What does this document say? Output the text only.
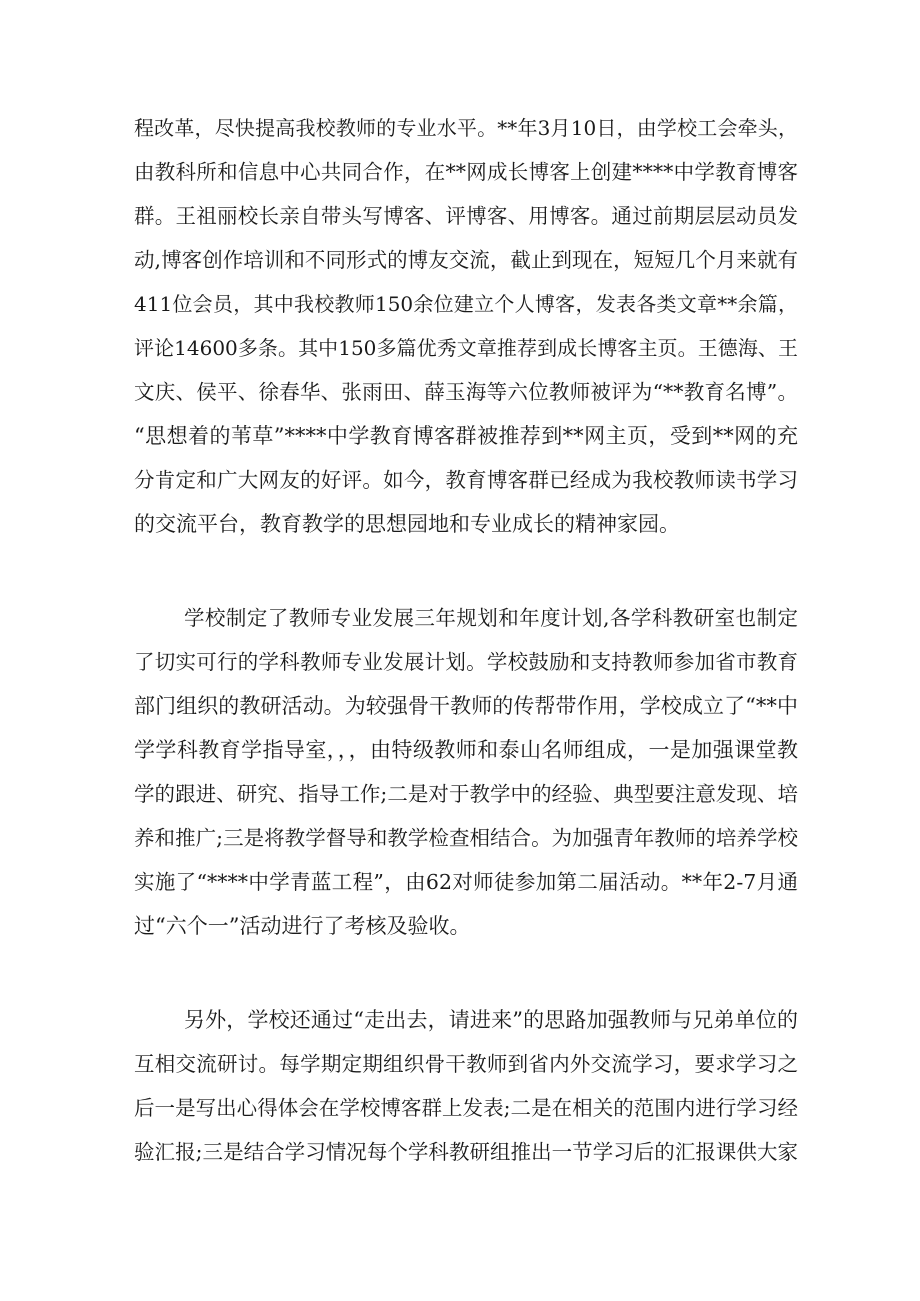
程改革，尽快提高我校教师的专业水平。**年3月10日，由学校工会牵头，
由教科所和信息中心共同合作，在**网成长博客上创建****中学教育博客
群。王祖丽校长亲自带头写博客、评博客、用博客。通过前期层层动员发
动,博客创作培训和不同形式的博友交流，截止到现在，短短几个月来就有
411位会员，其中我校教师150余位建立个人博客，发表各类文章**余篇，
评论14600多条。其中150多篇优秀文章推荐到成长博客主页。王德海、王
文庆、侯平、徐春华、张雨田、薛玉海等六位教师被评为“**教育名博”。
“思想着的苇草”****中学教育博客群被推荐到**网主页，受到**网的充
分肯定和广大网友的好评。如今，教育博客群已经成为我校教师读书学习
的交流平台，教育教学的思想园地和专业成长的精神家园。
学校制定了教师专业发展三年规划和年度计划,各学科教研室也制定
了切实可行的学科教师专业发展计划。学校鼓励和支持教师参加省市教育
部门组织的教研活动。为较强骨干教师的传帮带作用，学校成立了“**中
学学科教育学指导室，，，由特级教师和泰山名师组成，一是加强课堂教
学的跟进、研究、指导工作;二是对于教学中的经验、典型要注意发现、培
养和推广;三是将教学督导和教学检查相结合。为加强青年教师的培养学校
实施了“****中学青蓝工程”，由62对师徒参加第二届活动。**年2-7月通
过“六个一”活动进行了考核及验收。
另外，学校还通过“走出去，请进来”的思路加强教师与兄弟单位的
互相交流研讨。每学期定期组织骨干教师到省内外交流学习，要求学习之
后一是写出心得体会在学校博客群上发表;二是在相关的范围内进行学习经
验汇报;三是结合学习情况每个学科教研组推出一节学习后的汇报课供大家
